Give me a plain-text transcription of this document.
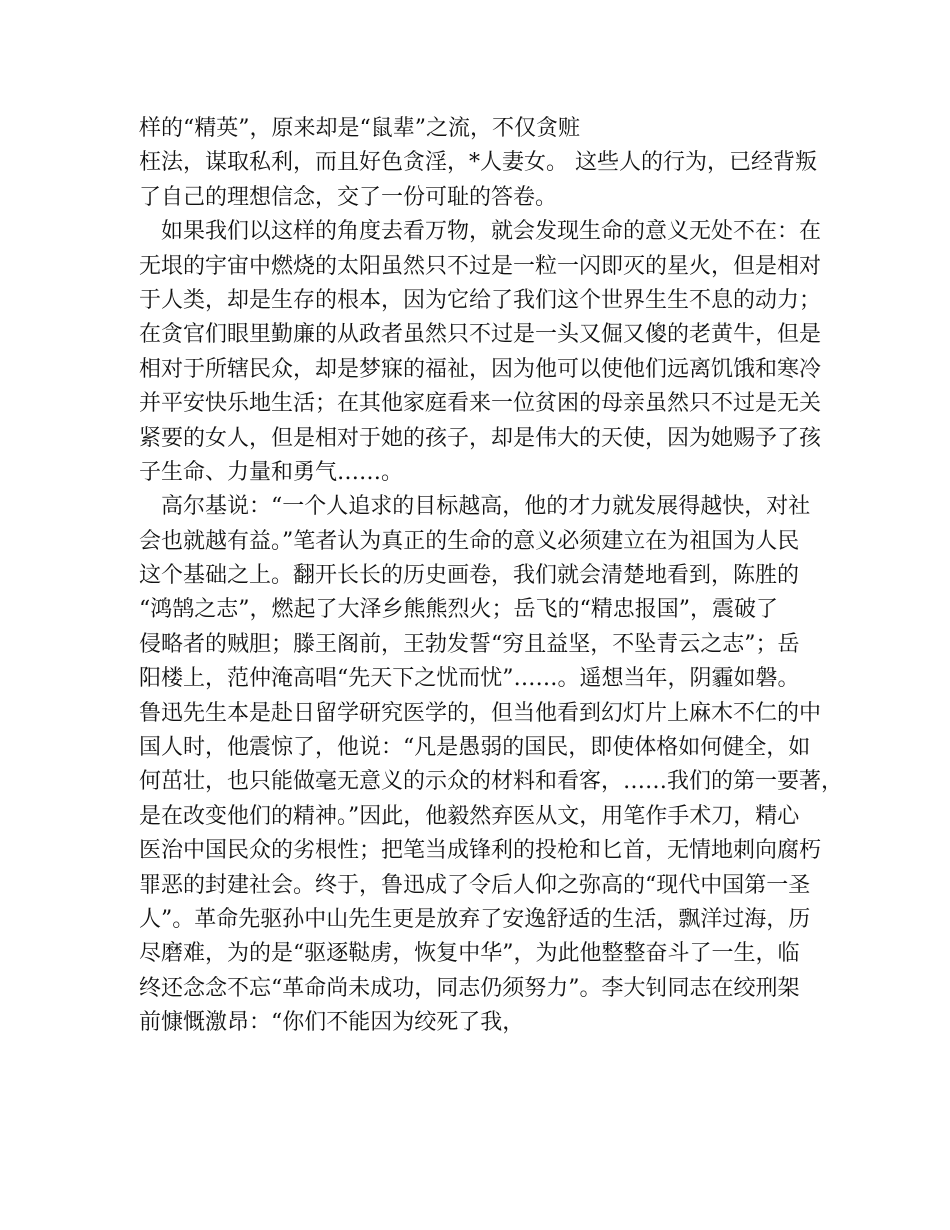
样的“精英”，原来却是“鼠辈”之流，不仅贪赃
枉法，谋取私利，而且好色贪淫，*人妻女。 这些人的行为，已经背叛
了自己的理想信念，交了一份可耻的答卷。
　如果我们以这样的角度去看万物，就会发现生命的意义无处不在：在
无垠的宇宙中燃烧的太阳虽然只不过是一粒一闪即灭的星火，但是相对
于人类，却是生存的根本，因为它给了我们这个世界生生不息的动力；
在贪官们眼里勤廉的从政者虽然只不过是一头又倔又傻的老黄牛，但是
相对于所辖民众，却是梦寐的福祉，因为他可以使他们远离饥饿和寒冷
并平安快乐地生活；在其他家庭看来一位贫困的母亲虽然只不过是无关
紧要的女人，但是相对于她的孩子，却是伟大的天使，因为她赐予了孩
子生命、力量和勇气……。
　高尔基说：“一个人追求的目标越高，他的才力就发展得越快，对社
会也就越有益。”笔者认为真正的生命的意义必须建立在为祖国为人民
这个基础之上。翻开长长的历史画卷，我们就会清楚地看到，陈胜的
“鸿鹄之志”，燃起了大泽乡熊熊烈火；岳飞的“精忠报国”，震破了
侵略者的贼胆；滕王阁前，王勃发誓“穷且益坚，不坠青云之志”；岳
阳楼上，范仲淹高唱“先天下之忧而忧”……。遥想当年，阴霾如磐。
鲁迅先生本是赴日留学研究医学的，但当他看到幻灯片上麻木不仁的中
国人时，他震惊了，他说：“凡是愚弱的国民，即使体格如何健全，如
何茁壮，也只能做毫无意义的示众的材料和看客，……我们的第一要著，
是在改变他们的精神。”因此，他毅然弃医从文，用笔作手术刀，精心
医治中国民众的劣根性；把笔当成锋利的投枪和匕首，无情地刺向腐朽
罪恶的封建社会。终于，鲁迅成了令后人仰之弥高的“现代中国第一圣
人”。革命先驱孙中山先生更是放弃了安逸舒适的生活，飘洋过海，历
尽磨难，为的是“驱逐鞑虏，恢复中华”，为此他整整奋斗了一生，临
终还念念不忘“革命尚未成功，同志仍须努力”。李大钊同志在绞刑架
前慷慨激昂：“你们不能因为绞死了我，
